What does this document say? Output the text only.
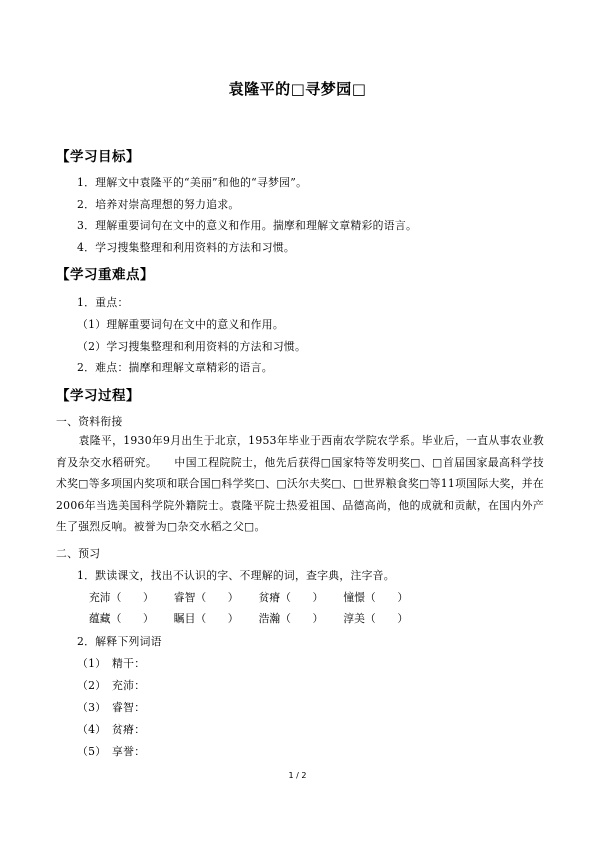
袁隆平的□寻梦园□
【学习目标】
1．理解文中袁隆平的“美丽”和他的“寻梦园”。
2．培养对崇高理想的努力追求。
3．理解重要词句在文中的意义和作用。揣摩和理解文章精彩的语言。
4．学习搜集整理和利用资料的方法和习惯。
【学习重难点】
1．重点：
（1）理解重要词句在文中的意义和作用。
（2）学习搜集整理和利用资料的方法和习惯。
2．难点：揣摩和理解文章精彩的语言。
【学习过程】
一、资料衔接
袁隆平，1930年9月出生于北京，1953年毕业于西南农学院农学系。毕业后，一直从事农业教育及杂交水稻研究。　　中国工程院院士，他先后获得□国家特等发明奖□、□首届国家最高科学技术奖□等多项国内奖项和联合国□科学奖□、□沃尔夫奖□、□世界粮食奖□等11项国际大奖，并在2006年当选美国科学院外籍院士。袁隆平院士热爱祖国、品德高尚，他的成就和贡献，在国内外产生了强烈反响。被誉为□杂交水稻之父□。
二、预习
1．默读课文，找出不认识的字、不理解的词，查字典，注字音。
充沛（　　） 睿智（　　） 贫瘠（　　） 憧憬（　　）
蕴藏（　　） 瞩目（　　） 浩瀚（　　） 淳美（　　）
2．解释下列词语
（1）　精干：
（2）　充沛：
（3）　睿智：
（4）　贫瘠：
（5）　享誉：
1 / 2
